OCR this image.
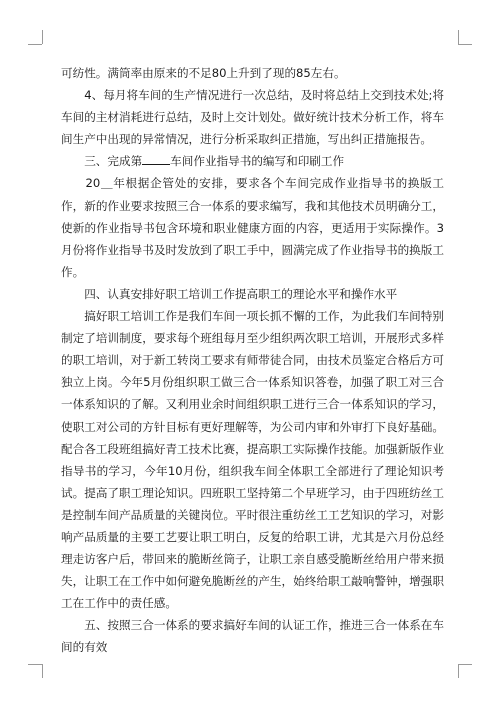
可纺性。满筒率由原来的不足80上升到了现的85左右。

　　4、每月将车间的生产情况进行一次总结，及时将总结上交到技术处;将车间的主材消耗进行总结，及时上交计划处。做好统计技术分析工作，将车间生产中出现的异常情况，进行分析采取纠正措施，写出纠正措施报告。

　　三、完成第 车间作业指导书的编写和印刷工作

　　20＿年根据企管处的安排，要求各个车间完成作业指导书的换版工作，新的作业要求按照三合一体系的要求编写，我和其他技术员明确分工，使新的作业指导书包含环境和职业健康方面的内容，更适用于实际操作。3月份将作业指导书及时发放到了职工手中，圆满完成了作业指导书的换版工作。

　　四、认真安排好职工培训工作提高职工的理论水平和操作水平

　　搞好职工培训工作是我们车间一项长抓不懈的工作，为此我们车间特别制定了培训制度，要求每个班组每月至少组织两次职工培训，开展形式多样的职工培训，对于新工转岗工要求有师带徒合同，由技术员鉴定合格后方可独立上岗。今年5月份组织职工做三合一体系知识答卷，加强了职工对三合一体系知识的了解。又利用业余时间组织职工进行三合一体系知识的学习，使职工对公司的方针目标有更好理解等，为公司内审和外审打下良好基础。配合各工段班组搞好青工技术比赛，提高职工实际操作技能。加强新版作业指导书的学习，今年10月份，组织我车间全体职工全部进行了理论知识考试。提高了职工理论知识。四班职工坚持第二个早班学习，由于四班纺丝工是控制车间产品质量的关键岗位。平时很注重纺丝工工艺知识的学习，对影响产品质量的主要工艺要让职工明白，反复的给职工讲，尤其是六月份总经理走访客户后，带回来的脆断丝筒子，让职工亲自感受脆断丝给用户带来损失，让职工在工作中如何避免脆断丝的产生，始终给职工敲响警钟，增强职工在工作中的责任感。

　　五、按照三合一体系的要求搞好车间的认证工作，推进三合一体系在车间的有效
